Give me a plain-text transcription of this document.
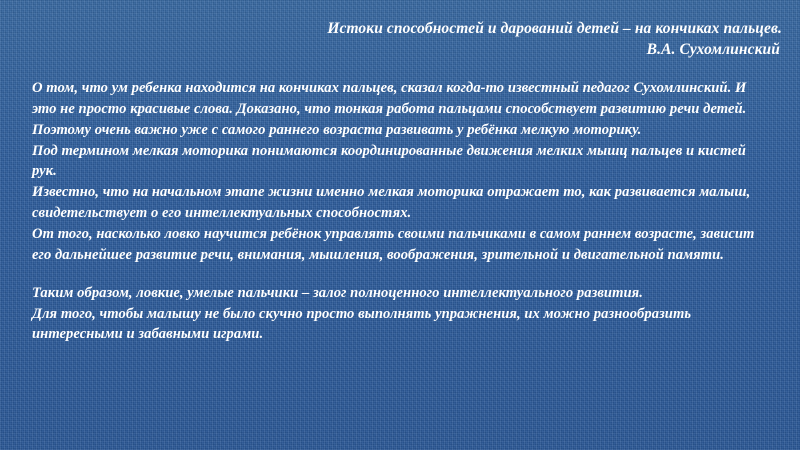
Истоки способностей и дарований детей – на кончиках пальцев.
В.А. Сухомлинский

О том, что ум ребенка находится на кончиках пальцев, сказал когда-то известный педагог Сухомлинский. И это не просто красивые слова. Доказано, что тонкая работа пальцами способствует развитию речи детей. Поэтому очень важно уже с самого раннего возраста развивать у ребёнка мелкую моторику.

Под термином мелкая моторика понимаются координированные движения мелких мышц пальцев и кистей рук.

Известно, что на начальном этапе жизни именно мелкая моторика отражает то, как развивается малыш, свидетельствует о его интеллектуальных способностях.

От того, насколько ловко научится ребёнок управлять своими пальчиками в самом раннем возрасте, зависит его дальнейшее развитие речи, внимания, мышления, воображения, зрительной и двигательной памяти.

Таким образом, ловкие, умелые пальчики – залог полноценного интеллектуального развития.

Для того, чтобы малышу не было скучно просто выполнять упражнения, их можно разнообразить интересными и забавными играми.
